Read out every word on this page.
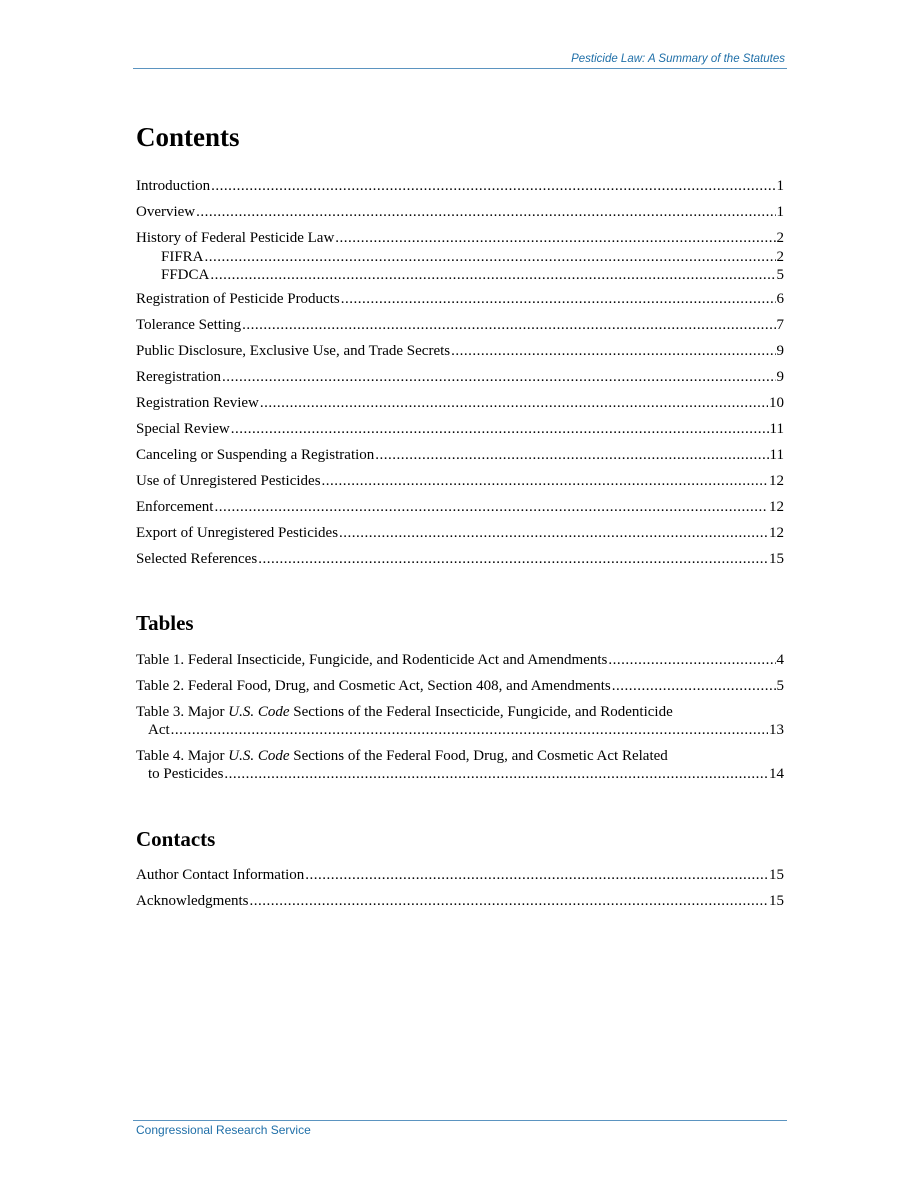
Pesticide Law: A Summary of the Statutes
Contents
Introduction .....	1
Overview .....	1
History of Federal Pesticide Law .....	2
FIFRA .....	2
FFDCA .....	5
Registration of Pesticide Products .....	6
Tolerance Setting .....	7
Public Disclosure, Exclusive Use, and Trade Secrets .....	9
Reregistration .....	9
Registration Review .....	10
Special Review .....	11
Canceling or Suspending a Registration .....	11
Use of Unregistered Pesticides .....	12
Enforcement .....	12
Export of Unregistered Pesticides .....	12
Selected References .....	15
Tables
Table 1. Federal Insecticide, Fungicide, and Rodenticide Act and Amendments .....	4
Table 2. Federal Food, Drug, and Cosmetic Act, Section 408, and Amendments .....	5
Table 3. Major U.S. Code Sections of the Federal Insecticide, Fungicide, and Rodenticide
Act .....	13
Table 4. Major U.S. Code Sections of the Federal Food, Drug, and Cosmetic Act Related
to Pesticides .....	14
Contacts
Author Contact Information .....	15
Acknowledgments .....	15
Congressional Research Service
